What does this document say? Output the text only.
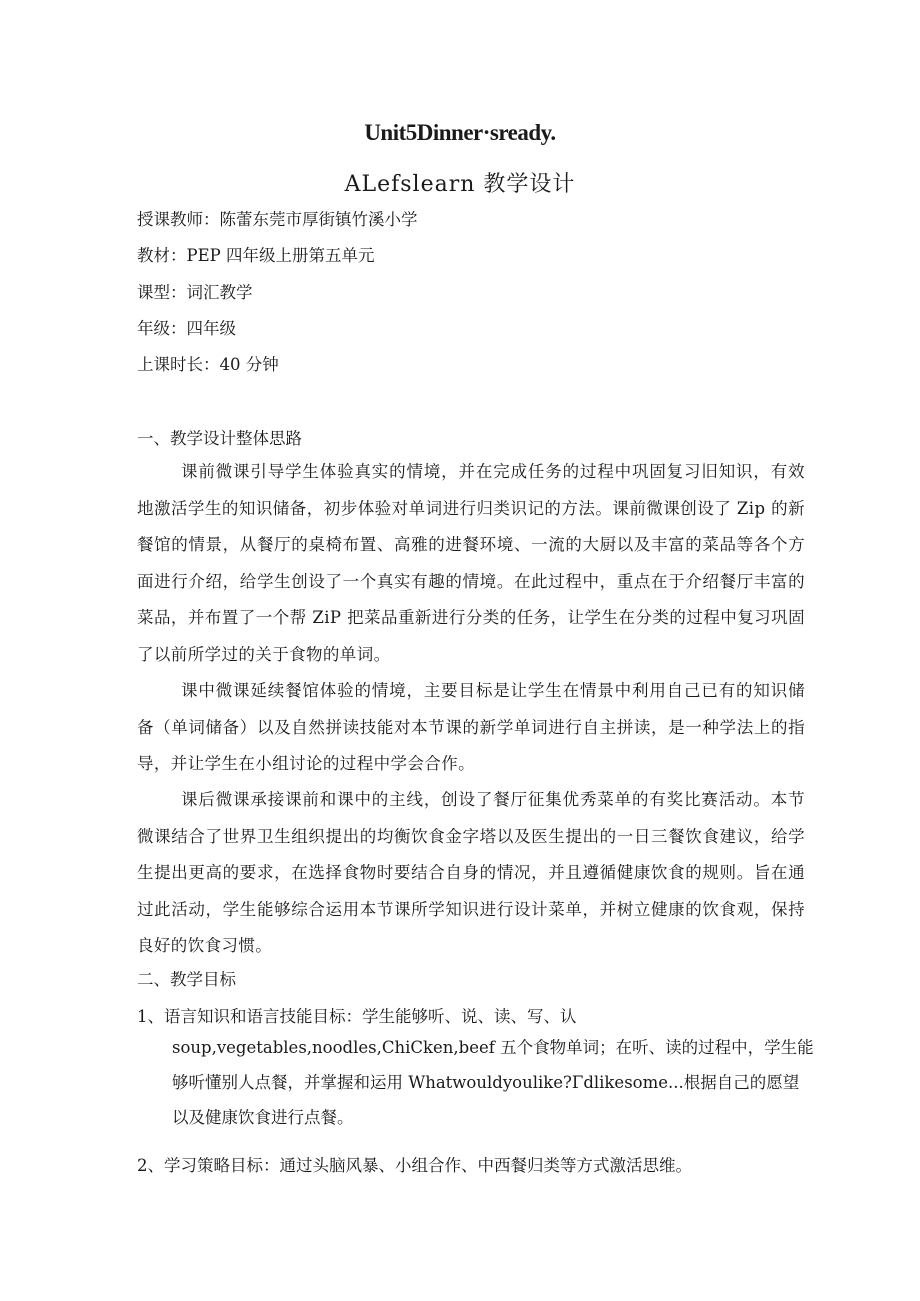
Unit5Dinner·sready.
ALefslearn 教学设计
授课教师：陈蕾东莞市厚街镇竹溪小学
教材：PEP 四年级上册第五单元
课型：词汇教学
年级：四年级
上课时长：40 分钟
一、教学设计整体思路
课前微课引导学生体验真实的情境，并在完成任务的过程中巩固复习旧知识，有效地激活学生的知识储备，初步体验对单词进行归类识记的方法。课前微课创设了 Zip 的新餐馆的情景，从餐厅的桌椅布置、高雅的进餐环境、一流的大厨以及丰富的菜品等各个方面进行介绍，给学生创设了一个真实有趣的情境。在此过程中，重点在于介绍餐厅丰富的菜品，并布置了一个帮 ZiP 把菜品重新进行分类的任务，让学生在分类的过程中复习巩固了以前所学过的关于食物的单词。
课中微课延续餐馆体验的情境，主要目标是让学生在情景中利用自己已有的知识储备（单词储备）以及自然拼读技能对本节课的新学单词进行自主拼读，是一种学法上的指导，并让学生在小组讨论的过程中学会合作。
课后微课承接课前和课中的主线，创设了餐厅征集优秀菜单的有奖比赛活动。本节微课结合了世界卫生组织提出的均衡饮食金字塔以及医生提出的一日三餐饮食建议，给学生提出更高的要求，在选择食物时要结合自身的情况，并且遵循健康饮食的规则。旨在通过此活动，学生能够综合运用本节课所学知识进行设计菜单，并树立健康的饮食观，保持良好的饮食习惯。
二、教学目标
1、语言知识和语言技能目标：学生能够听、说、读、写、认
soup,vegetables,noodles,ChiCken,beef 五个食物单词；在听、读的过程中，学生能
够听懂别人点餐，并掌握和运用 Whatwouldyoulike?Γdlikesome...根据自己的愿望
以及健康饮食进行点餐。
2、学习策略目标：通过头脑风暴、小组合作、中西餐归类等方式激活思维。
